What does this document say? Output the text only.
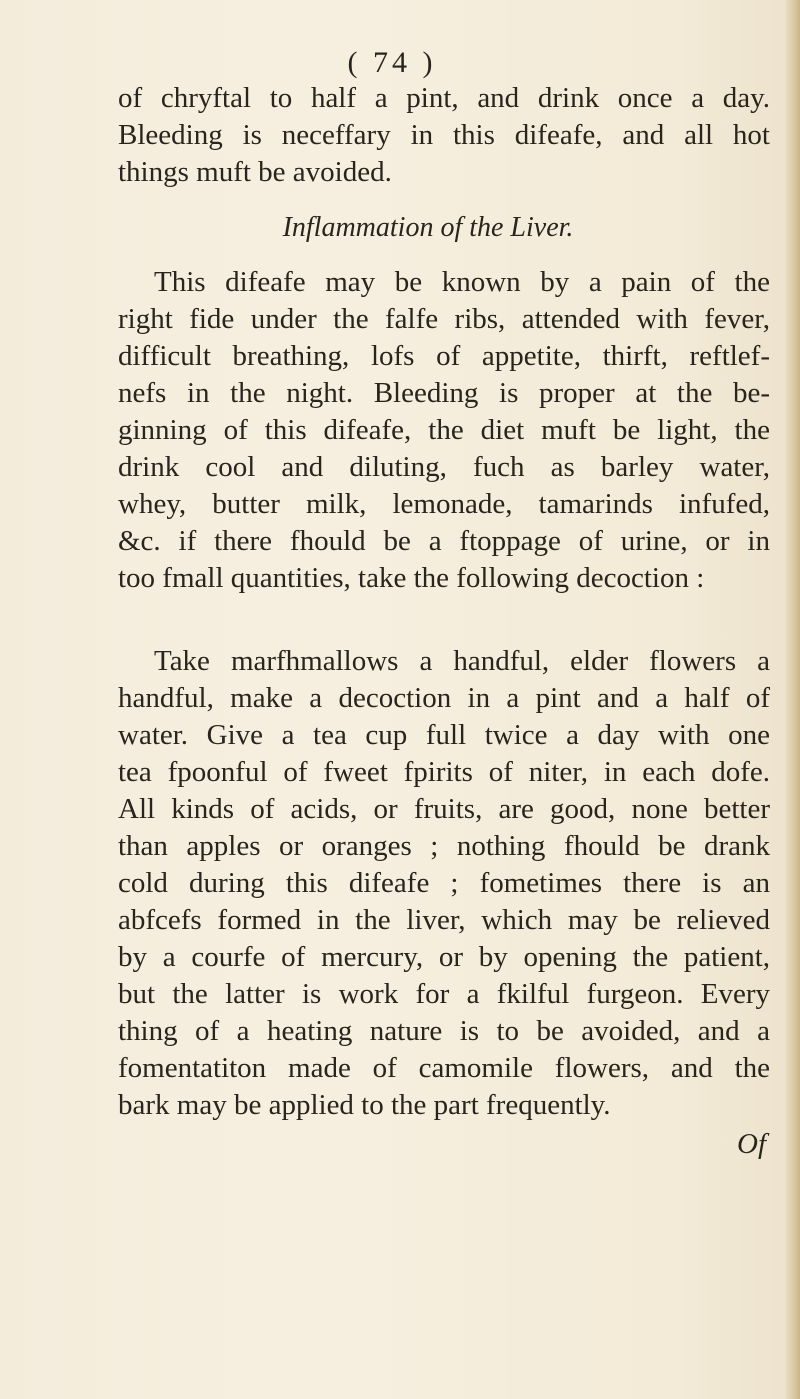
( 74 )
of chryftal to half a pint, and drink once a day.
Bleeding is neceffary in this difeafe, and all hot
things muft be avoided.
Inflammation of the Liver.
This difeafe may be known by a pain of the
right fide under the falfe ribs, attended with fever,
difficult breathing, lofs of appetite, thirft, reftlef-
nefs in the night. Bleeding is proper at the be-
ginning of this difeafe, the diet muft be light, the
drink cool and diluting, fuch as barley water,
whey, butter milk, lemonade, tamarinds infufed,
&c. if there fhould be a ftoppage of urine, or in
too fmall quantities, take the following decoction :
Take marfhmallows a handful, elder flowers a
handful, make a decoction in a pint and a half of
water. Give a tea cup full twice a day with one
tea fpoonful of fweet fpirits of niter, in each dofe.
All kinds of acids, or fruits, are good, none better
than apples or oranges ; nothing fhould be drank
cold during this difeafe ; fometimes there is an
abfcefs formed in the liver, which may be relieved
by a courfe of mercury, or by opening the patient,
but the latter is work for a fkilful furgeon. Every
thing of a heating nature is to be avoided, and a
fomentatiton made of camomile flowers, and the
bark may be applied to the part frequently.
Of
